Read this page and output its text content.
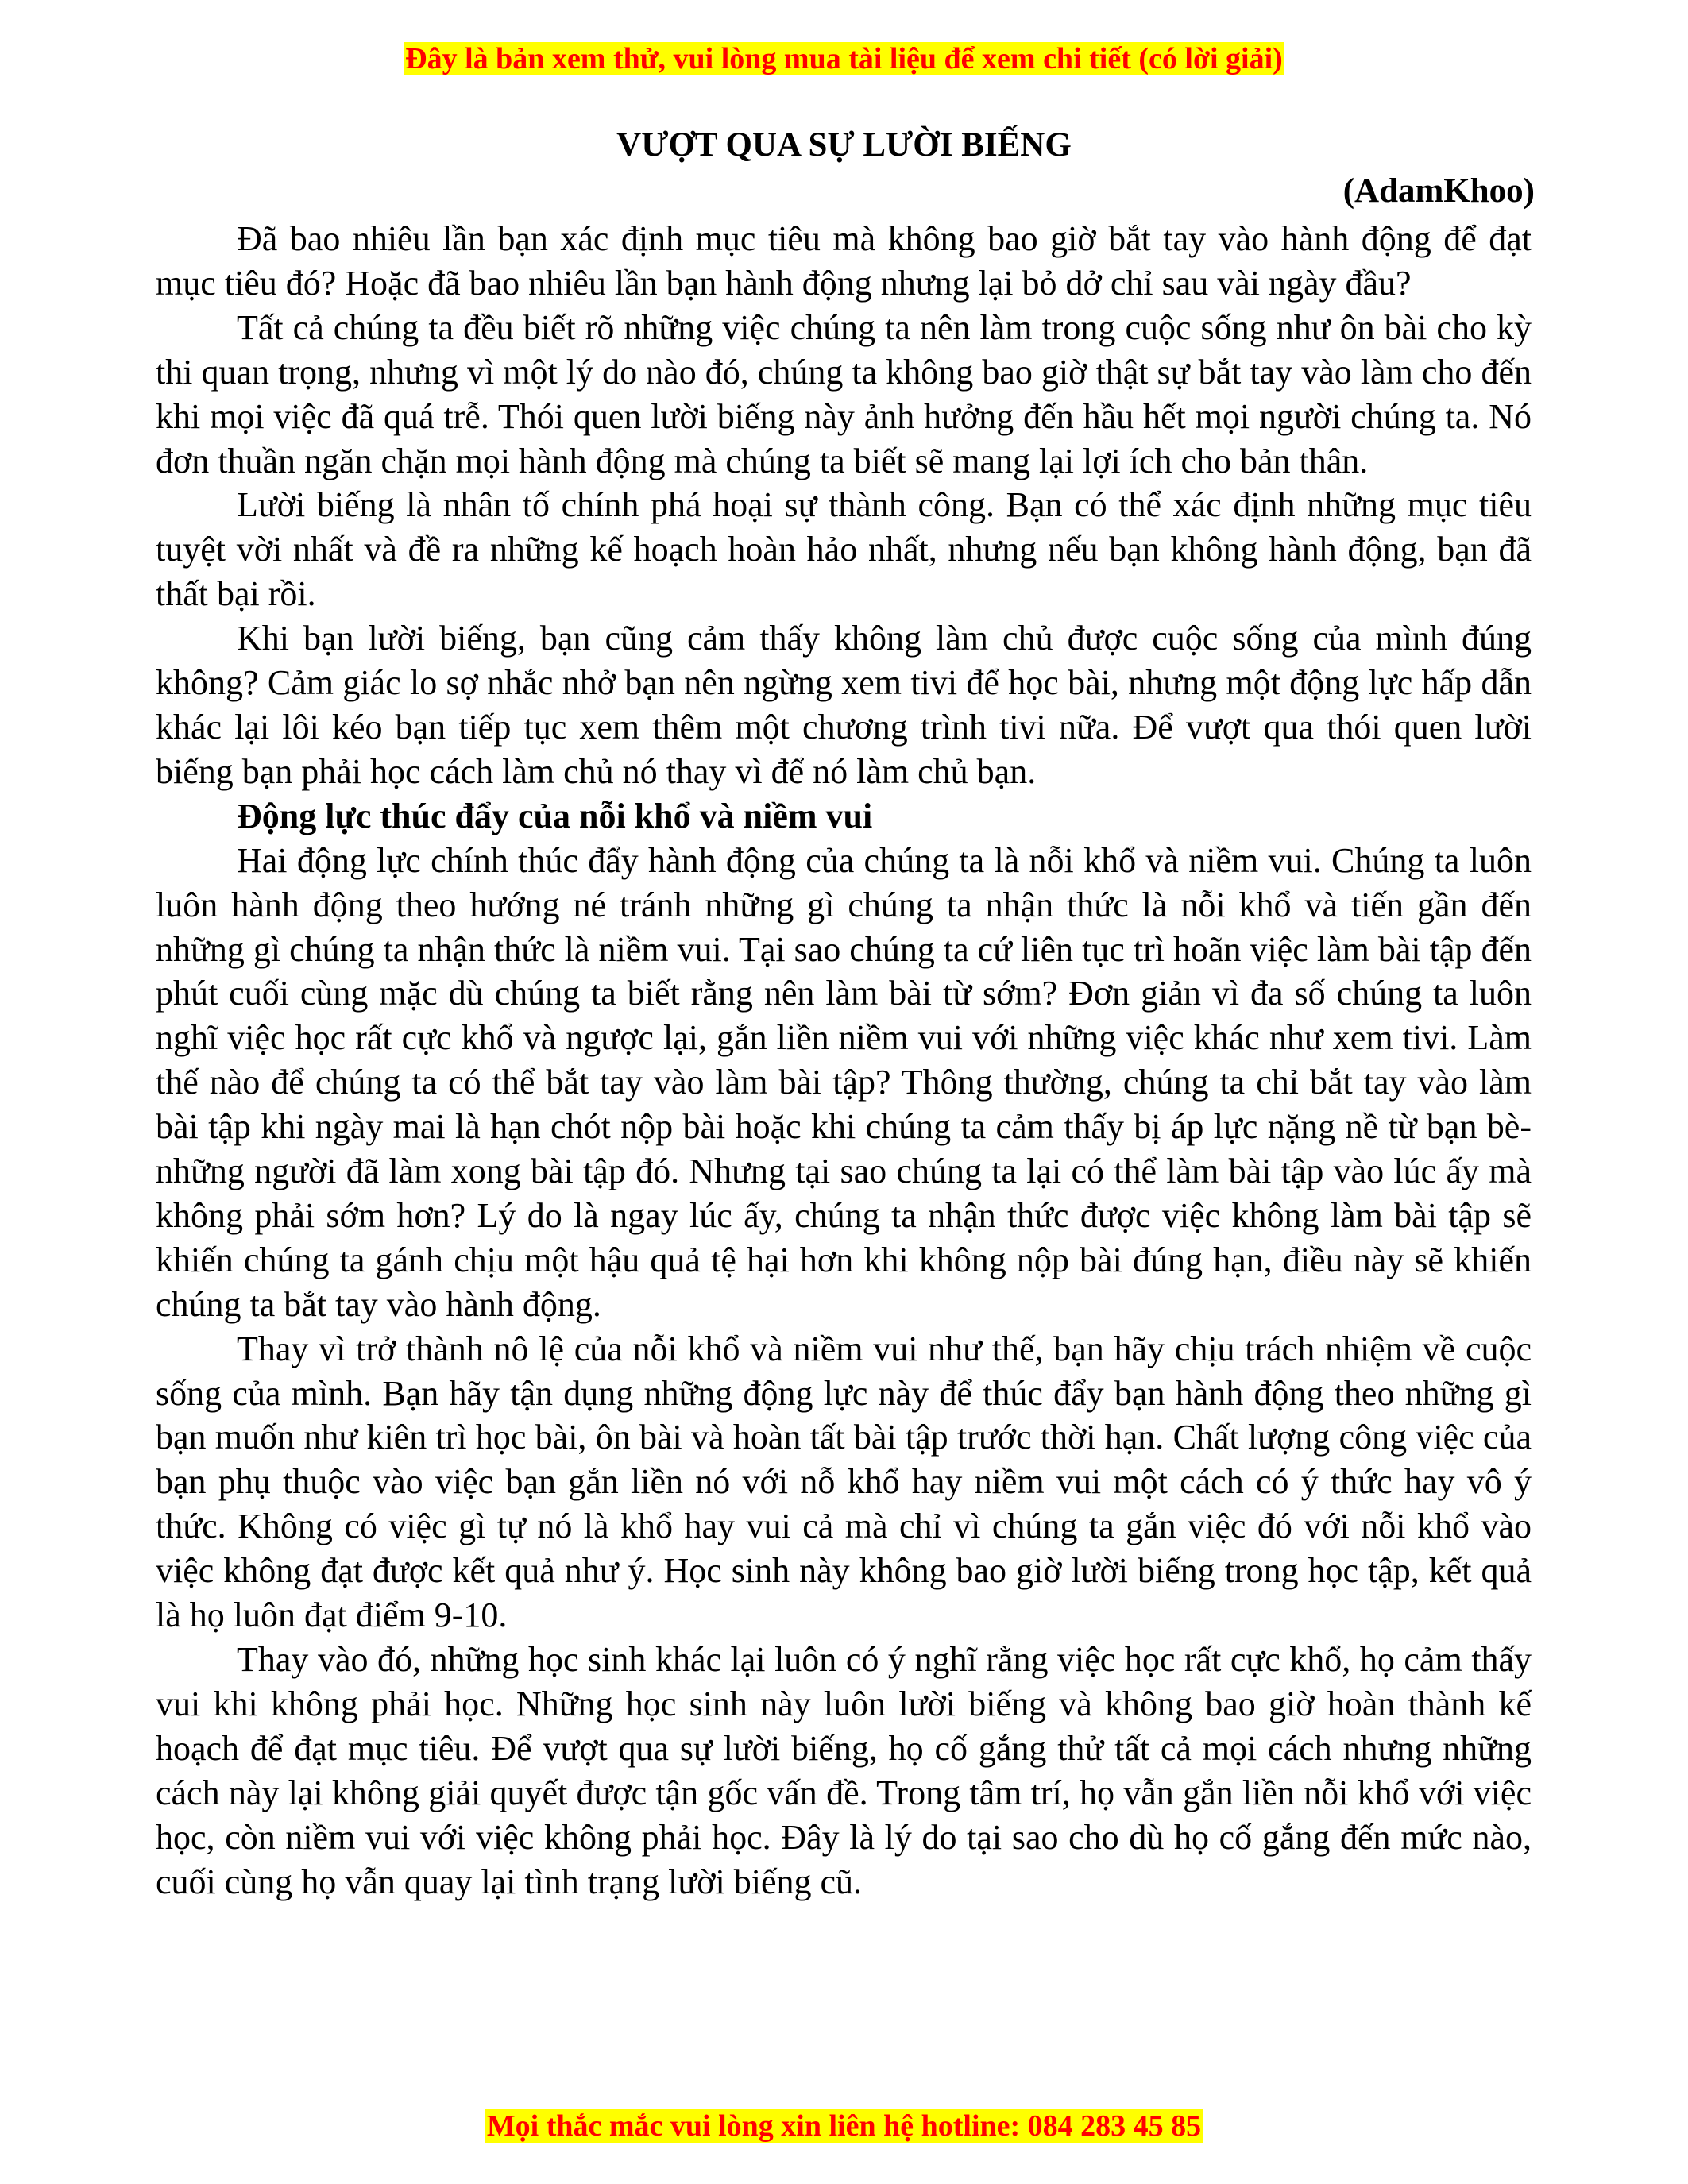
Đây là bản xem thử, vui lòng mua tài liệu để xem chi tiết (có lời giải)
VƯỢT QUA SỰ LƯỜI BIẾNG
(AdamKhoo)

Đã bao nhiêu lần bạn xác định mục tiêu mà không bao giờ bắt tay vào hành động để đạt mục tiêu đó? Hoặc đã bao nhiêu lần bạn hành động nhưng lại bỏ dở chỉ sau vài ngày đầu?

Tất cả chúng ta đều biết rõ những việc chúng ta nên làm trong cuộc sống như ôn bài cho kỳ thi quan trọng, nhưng vì một lý do nào đó, chúng ta không bao giờ thật sự bắt tay vào làm cho đến khi mọi việc đã quá trễ. Thói quen lười biếng này ảnh hưởng đến hầu hết mọi người chúng ta. Nó đơn thuần ngăn chặn mọi hành động mà chúng ta biết sẽ mang lại lợi ích cho bản thân.

Lười biếng là nhân tố chính phá hoại sự thành công. Bạn có thể xác định những mục tiêu tuyệt vời nhất và đề ra những kế hoạch hoàn hảo nhất, nhưng nếu bạn không hành động, bạn đã thất bại rồi.

Khi bạn lười biếng, bạn cũng cảm thấy không làm chủ được cuộc sống của mình đúng không? Cảm giác lo sợ nhắc nhở bạn nên ngừng xem tivi để học bài, nhưng một động lực hấp dẫn khác lại lôi kéo bạn tiếp tục xem thêm một chương trình tivi nữa. Để vượt qua thói quen lười biếng bạn phải học cách làm chủ nó thay vì để nó làm chủ bạn.

Động lực thúc đẩy của nỗi khổ và niềm vui

Hai động lực chính thúc đẩy hành động của chúng ta là nỗi khổ và niềm vui. Chúng ta luôn luôn hành động theo hướng né tránh những gì chúng ta nhận thức là nỗi khổ và tiến gần đến những gì chúng ta nhận thức là niềm vui. Tại sao chúng ta cứ liên tục trì hoãn việc làm bài tập đến phút cuối cùng mặc dù chúng ta biết rằng nên làm bài từ sớm? Đơn giản vì đa số chúng ta luôn nghĩ việc học rất cực khổ và ngược lại, gắn liền niềm vui với những việc khác như xem tivi. Làm thế nào để chúng ta có thể bắt tay vào làm bài tập? Thông thường, chúng ta chỉ bắt tay vào làm bài tập khi ngày mai là hạn chót nộp bài hoặc khi chúng ta cảm thấy bị áp lực nặng nề từ bạn bè-những người đã làm xong bài tập đó. Nhưng tại sao chúng ta lại có thể làm bài tập vào lúc ấy mà không phải sớm hơn? Lý do là ngay lúc ấy, chúng ta nhận thức được việc không làm bài tập sẽ khiến chúng ta gánh chịu một hậu quả tệ hại hơn khi không nộp bài đúng hạn, điều này sẽ khiến chúng ta bắt tay vào hành động.

Thay vì trở thành nô lệ của nỗi khổ và niềm vui như thế, bạn hãy chịu trách nhiệm về cuộc sống của mình. Bạn hãy tận dụng những động lực này để thúc đẩy bạn hành động theo những gì bạn muốn như kiên trì học bài, ôn bài và hoàn tất bài tập trước thời hạn. Chất lượng công việc của bạn phụ thuộc vào việc bạn gắn liền nó với nỗ khổ hay niềm vui một cách có ý thức hay vô ý thức. Không có việc gì tự nó là khổ hay vui cả mà chỉ vì chúng ta gắn việc đó với nỗi khổ vào việc không đạt được kết quả như ý. Học sinh này không bao giờ lười biếng trong học tập, kết quả là họ luôn đạt điểm 9-10.

Thay vào đó, những học sinh khác lại luôn có ý nghĩ rằng việc học rất cực khổ, họ cảm thấy vui khi không phải học. Những học sinh này luôn lười biếng và không bao giờ hoàn thành kế hoạch để đạt mục tiêu. Để vượt qua sự lười biếng, họ cố gắng thử tất cả mọi cách nhưng những cách này lại không giải quyết được tận gốc vấn đề. Trong tâm trí, họ vẫn gắn liền nỗi khổ với việc học, còn niềm vui với việc không phải học. Đây là lý do tại sao cho dù họ cố gắng đến mức nào, cuối cùng họ vẫn quay lại tình trạng lười biếng cũ.

Mọi thắc mắc vui lòng xin liên hệ hotline: 084 283 45 85
